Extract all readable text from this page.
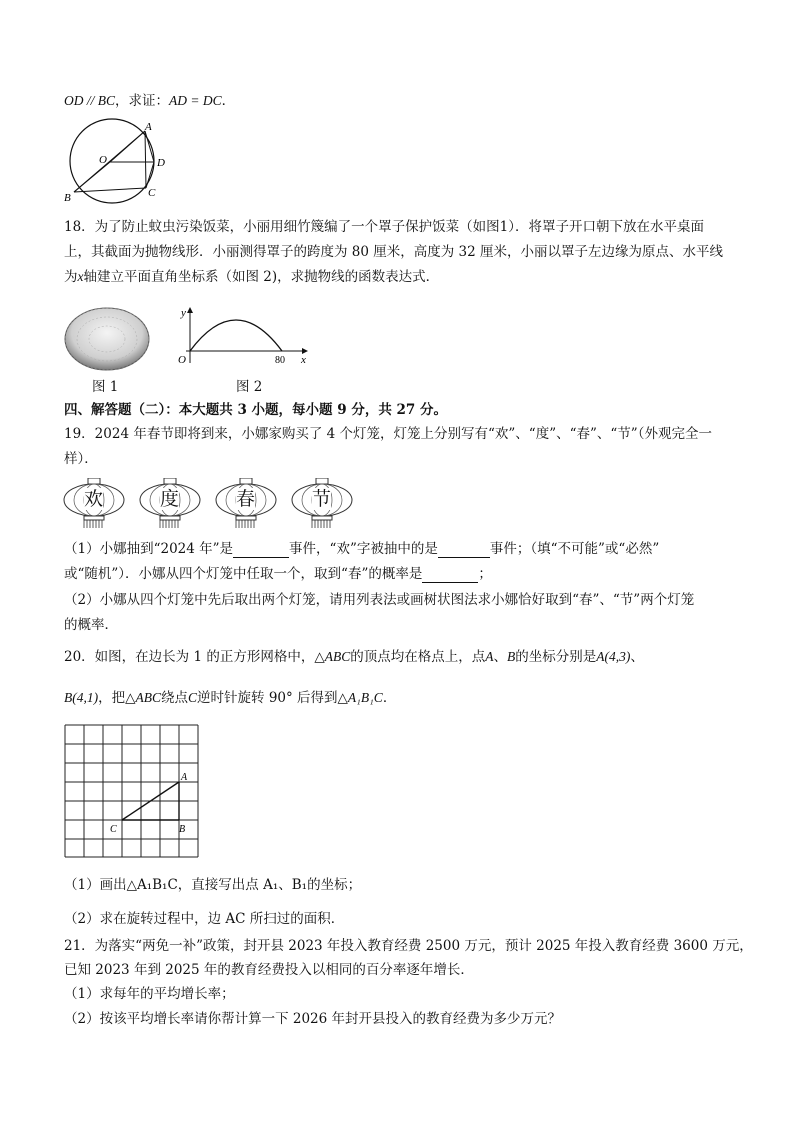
OD // BC，求证：AD = DC．
A
O	D
B	C
18．为了防止蚊虫污染饭菜，小丽用细竹篾编了一个罩子保护饭菜（如图1）．将罩子开口朝下放在水平桌面
上，其截面为抛物线形．小丽测得罩子的跨度为 80 厘米，高度为 32 厘米，小丽以罩子左边缘为原点、水平线
为x轴建立平面直角坐标系（如图 2)，求抛物线的函数表达式．
y
x
O	80
图 1	图 2
四、解答题（二）：本大题共 3 小题，每小题 9 分，共 27 分。
19．2024 年春节即将到来，小娜家购买了 4 个灯笼，灯笼上分别写有“欢”、“度”、“春”、“节”（外观完全一
样）．
欢	度	春	节
（1）小娜抽到“2024 年”是	事件，“欢”字被抽中的是	事件；（填“不可能”或“必然”
或“随机”）．小娜从四个灯笼中任取一个，取到“春”的概率是	；
（2）小娜从四个灯笼中先后取出两个灯笼，请用列表法或画树状图法求小娜恰好取到“春”、“节”两个灯笼
的概率．
20．如图，在边长为 1 的正方形网格中，△ABC的顶点均在格点上，点A、B的坐标分别是A(4,3)、
B(4,1)，把△ABC绕点C逆时针旋转 90° 后得到△A₁B₁C．
A
B
C
（1）画出△A₁B₁C，直接写出点 A₁、B₁的坐标；
（2）求在旋转过程中，边 AC 所扫过的面积．
21．为落实“两免一补”政策，封开县 2023 年投入教育经费 2500 万元，预计 2025 年投入教育经费 3600 万元，
已知 2023 年到 2025 年的教育经费投入以相同的百分率逐年增长．
（1）求每年的平均增长率；
（2）按该平均增长率请你帮计算一下 2026 年封开县投入的教育经费为多少万元？
